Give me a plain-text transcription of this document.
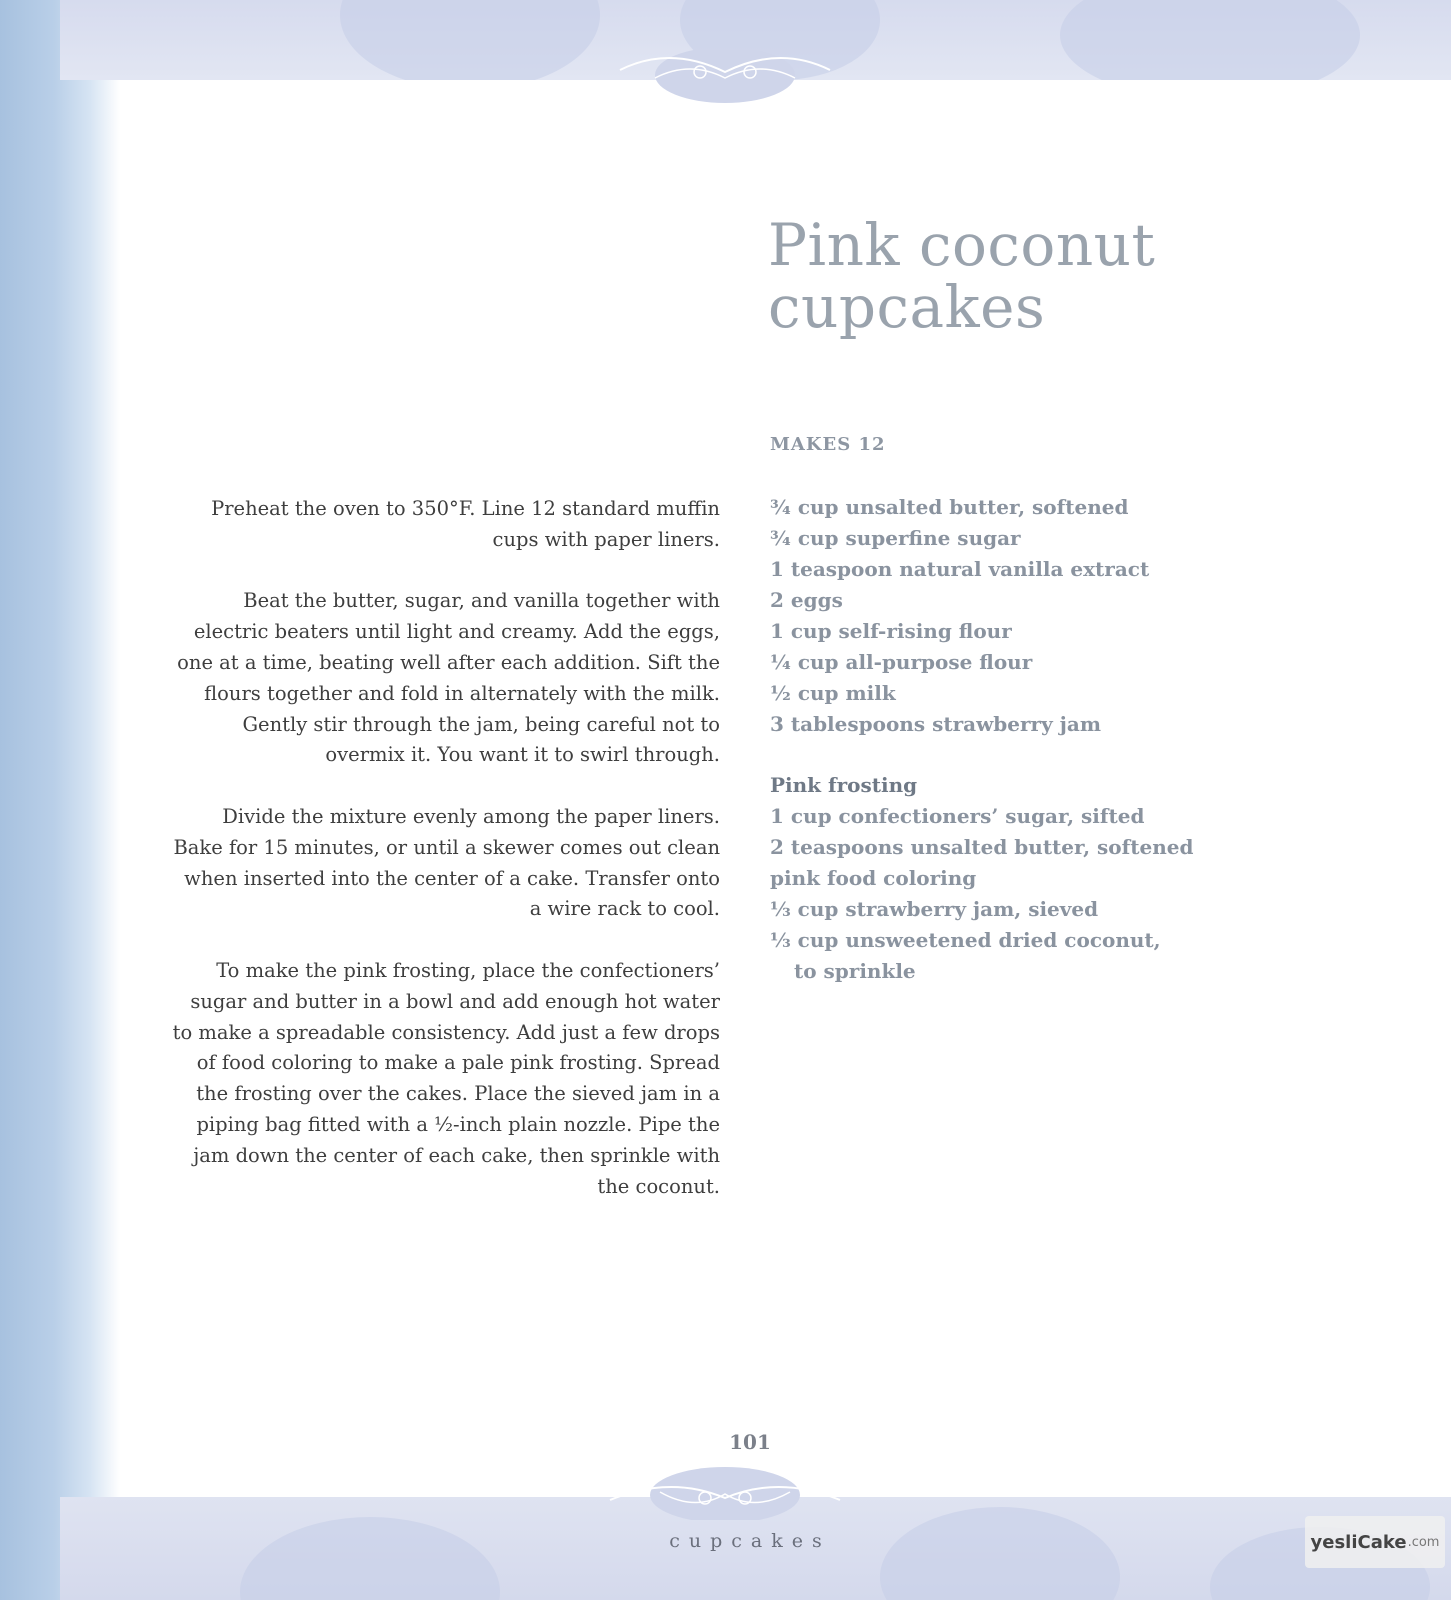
Pink coconut
cupcakes
MAKES 12
¾ cup unsalted butter, softened
¾ cup superfine sugar
1 teaspoon natural vanilla extract
2 eggs
1 cup self-rising flour
¼ cup all-purpose flour
½ cup milk
3 tablespoons strawberry jam
Pink frosting
1 cup confectioners’ sugar, sifted
2 teaspoons unsalted butter, softened
pink food coloring
⅓ cup strawberry jam, sieved
⅓ cup unsweetened dried coconut,
to sprinkle

Preheat the oven to 350°F. Line 12 standard muffin cups with paper liners.

Beat the butter, sugar, and vanilla together with electric beaters until light and creamy. Add the eggs, one at a time, beating well after each addition. Sift the flours together and fold in alternately with the milk. Gently stir through the jam, being careful not to overmix it. You want it to swirl through.

Divide the mixture evenly among the paper liners. Bake for 15 minutes, or until a skewer comes out clean when inserted into the center of a cake. Transfer onto a wire rack to cool.

To make the pink frosting, place the confectioners’ sugar and butter in a bowl and add enough hot water to make a spreadable consistency. Add just a few drops of food coloring to make a pale pink frosting. Spread the frosting over the cakes. Place the sieved jam in a piping bag fitted with a ½-inch plain nozzle. Pipe the jam down the center of each cake, then sprinkle with the coconut.

101
cupcakes	yesliCake .com
